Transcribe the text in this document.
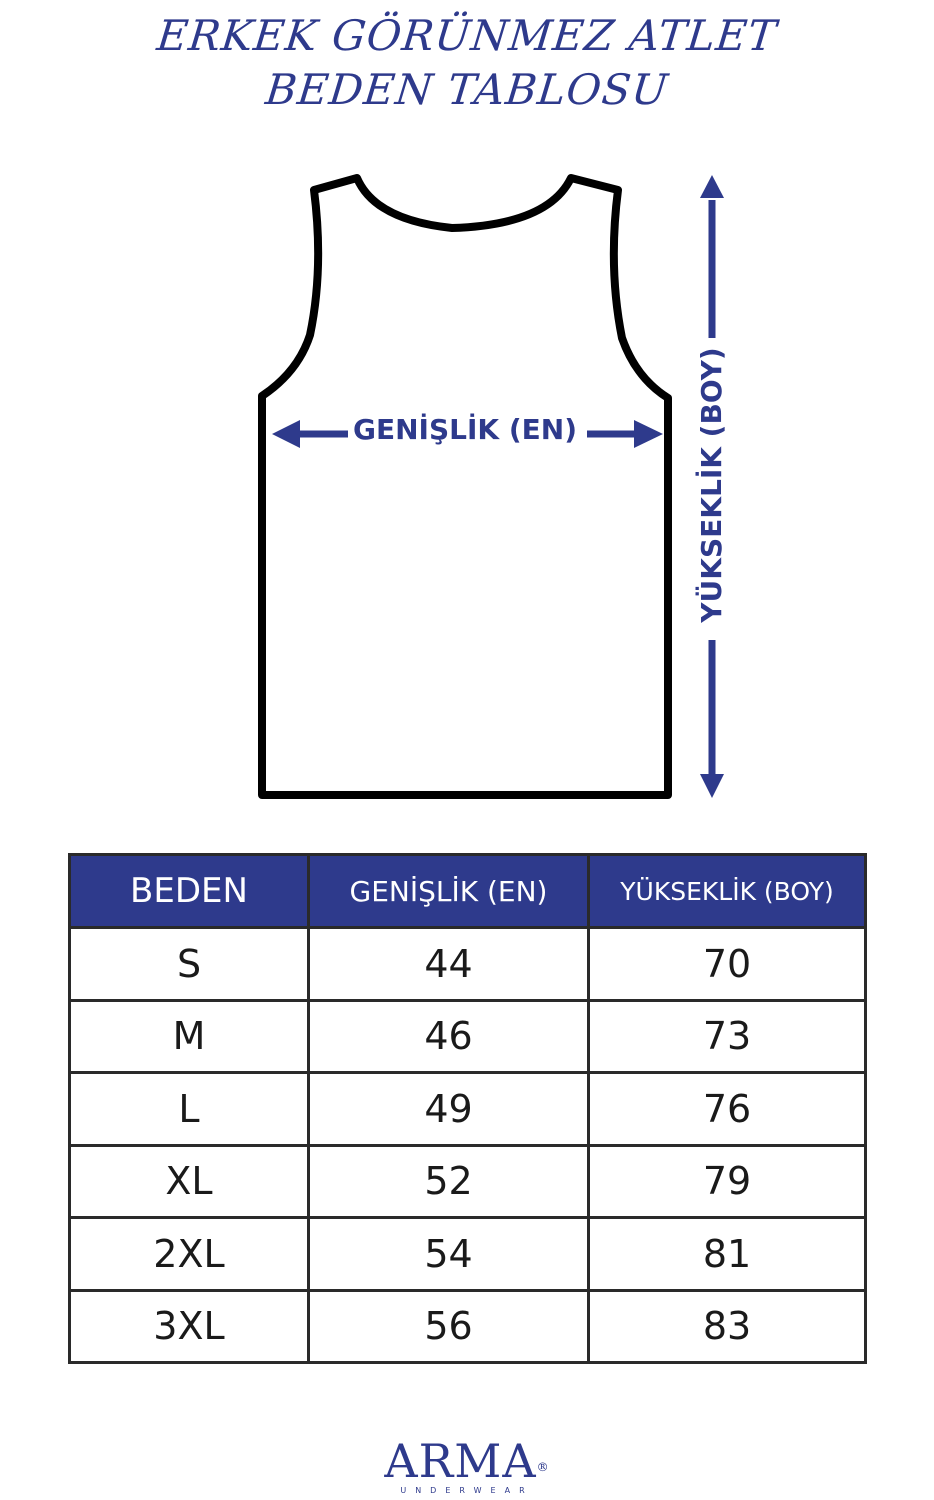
ERKEK GÖRÜNMEZ ATLET
BEDEN TABLOSU
GENİŞLİK (EN)	YÜKSEKLİK (BOY)
BEDEN	GENİŞLİK (EN)	YÜKSEKLİK (BOY)
S	44	70
M	46	73
L	49	76
XL	52	79
2XL	54	81
3XL	56	83
ARMA®
UNDERWEAR
